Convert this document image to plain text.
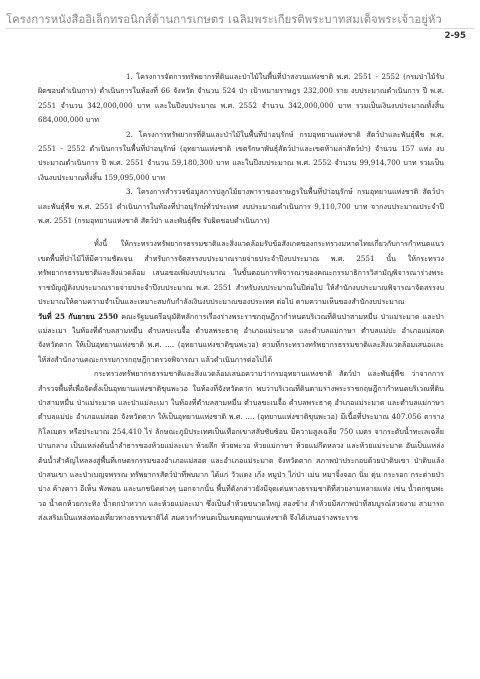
โครงการหนังสืออิเล็กทรอนิกส์ด้านการเกษตร เฉลิมพระเกียรติพระบาทสมเด็จพระเจ้าอยู่หัว
2-95

1. โครงการจัดการทรัพยากรที่ดินและป่าไม้ในพื้นที่ป่าสงวนแห่งชาติ พ.ศ. 2551 - 2552 (กรมป่าไม้รับผิดชอบดำเนินการ) ดำเนินการในท้องที่ 66 จังหวัด จำนวน 524 ป่า เป้าหมายราษฎร 232,000 ราย งบประมาณดำเนินการ ปี พ.ศ. 2551 จำนวน 342,000,000 บาท และในปีงบประมาณ พ.ศ. 2552 จำนวน 342,000,000 บาท รวมเป็นเงินงบประมาณทั้งสิ้น 684,000,000 บาท

2. โครงการทรัพยากรที่ดินและป่าไม้ในพื้นที่ป่าอนุรักษ์ กรมอุทยานแห่งชาติ สัตว์ป่าและพันธุ์พืช พ.ศ. 2551 - 2552 ดำเนินการในพื้นที่ป่าอนุรักษ์ (อุทยานแห่งชาติ เขตรักษาพันธุ์สัตว์ป่าและเขตห้ามล่าสัตว์ป่า) จำนวน 157 แห่ง งบประมาณดำเนินการ ปี พ.ศ. 2551 จำนวน 59,180,300 บาท และในปีงบประมาณ พ.ศ. 2552 จำนวน 99,914,700 บาท รวมเป็นเงินงบประมาณทั้งสิ้น 159,095,000 บาท

3. โครงการสำรวจข้อมูลการปลูกไม้ยางพาราของราษฎรในพื้นที่ป่าอนุรักษ์ กรมอุทยานแห่งชาติ สัตว์ป่า และพันธุ์พืช พ.ศ. 2551 ดำเนินการในท้องที่ป่าอนุรักษ์ทั่วประเทศ งบประมาณดำเนินการ 9,110,700 บาท จากงบประมาณประจำปี พ.ศ. 2551 (กรมอุทยานแห่งชาติ สัตว์ป่า และพันธุ์พืช รับผิดชอบดำเนินการ)

ทั้งนี้ ให้กระทรวงทรัพยากรธรรมชาติและสิ่งแวดล้อมรับข้อสังเกตของกระทรวงมหาดไทยเกี่ยวกับการกำหนดแนวเขตพื้นที่ป่าไม้ให้มีความชัดเจน สำหรับการจัดสรรงบประมาณรายจ่ายประจำปีงบประมาณ พ.ศ. 2551 นั้น ให้กระทรวงทรัพยากรธรรมชาติและสิ่งแวดล้อม เสนอขอเพิ่มงบประมาณ ในขั้นตอนการพิจารณาของคณะกรรมาธิการวิสามัญพิจารณาร่างพระราชบัญญัติงบประมาณรายจ่ายประจำปีงบประมาณ พ.ศ. 2551 สำหรับงบประมาณในปีต่อไป ให้สำนักงบประมาณพิจารณาจัดสรรงบประมาณให้ตามความจำเป็นและเหมาะสมกับกำลังเงินงบประมาณของประเทศ ต่อไป ตามความเห็นของสำนักงบประมาณ

วันที่ 25 กันยายน 2550 คณะรัฐมนตรีอนุมัติหลักการเรื่องร่างพระราชกฤษฎีกากำหนดบริเวณที่ดินป่าสามหมื่น ป่าแม่ระมาด และป่าแม่ละเมา ในท้องที่ตำบลสามหมื่น ตำบลขะเนจื้อ ตำบลพระธาตุ อำเภอแม่ระมาด และตำบลแม่กาษา ตำบลแม่ปะ อำเภอแม่สอด จังหวัดตาก ให้เป็นอุทยานแห่งชาติ พ.ศ. .... (อุทยานแห่งชาติขุนพะวอ) ตามที่กระทรวงทรัพยากรธรรมชาติและสิ่งแวดล้อมเสนอและให้ส่งสำนักงานคณะกรรมการกฤษฎีกาตรวจพิจารณา แล้วดำเนินการต่อไปได้

กระทรวงทรัพยากรธรรมชาติและสิ่งแวดล้อมเสนอความว่ากรมอุทยานแห่งชาติ สัตว์ป่า และพันธุ์พืช ว่าจากการสำรวจพื้นที่เพื่อจัดตั้งเป็นอุทยานแห่งชาติขุนพะวอ ในท้องที่จังหวัดตาก พบว่าบริเวณที่ดินตามร่างพระราชกฤษฎีกากำหนดบริเวณที่ดินป่าสามหมื่น ป่าแม่ระมาด และป่าแม่ละเมา ในท้องที่ตำบลสามหมื่น ตำบลขะเนจื้อ ตำบลพระธาตุ อำเภอแม่ระมาด และตำบลแม่กาษา ตำบลแม่ปะ อำเภอแม่สอด จังหวัดตาก ให้เป็นอุทยานแห่งชาติ พ.ศ. .... (อุทยานแห่งชาติขุนพะวอ) มีเนื้อที่ประมาณ 407.056 ตารางกิโลเมตร หรือประมาณ 254,410 ไร่ ลักษณะภูมิประเทศเป็นเทือกเขาสลับซับซ้อน มีความสูงเฉลี่ย 750 เมตร จากระดับน้ำทะเลเฉลี่ยปานกลาง เป็นแหล่งต้นน้ำลำธารของห้วยแม่ละเมา ห้วยลึก ห้วยพะวอ ห้วยแม่กาษา ห้วยแม่กึดหลวง และห้วยแม่ระมาด อันเป็นแหล่งต้นน้ำสำคัญไหลลงสู่พื้นที่เกษตรกรรมของอำเภอแม่สอด และอำเภอแม่ระมาด จังหวัดตาก สภาพป่าประกอบด้วยป่าดิบเขา ป่าดิบแล้ง ป่าสนเขา และป่าเบญจพรรณ ทรัพยากรสัตว์ป่าที่พบมาก ได้แก่ วัวแดง เก้ง หมูป่า ไก่ป่า เม่น หมาจิ้งจอก นิ่ม ตุ่น กระรอก กระต่ายป่า บ่าง ค้างคาว อีเห็น พังพอน และนกชนิดต่างๆ นอกจากนั้น พื้นที่ดังกล่าวยังมีจุดเด่นทางธรรมชาติที่สวยงามหลายแห่ง เช่น น้ำตกขุนพะวอ น้ำตกห้วยกระทิง น้ำตกป่าหวาก และห้วยแม่ละเมา ซึ่งเป็นลำห้วยขนาดใหญ่ สองข้าง ลำห้วยมีสภาพป่าที่สมบูรณ์สวยงาม สามารถส่งเสริมเป็นแหล่งท่องเที่ยวทางธรรมชาติได้ สมควรกำหนดเป็นเขตอุทยานแห่งชาติ จึงได้เสนอร่างพระราช
